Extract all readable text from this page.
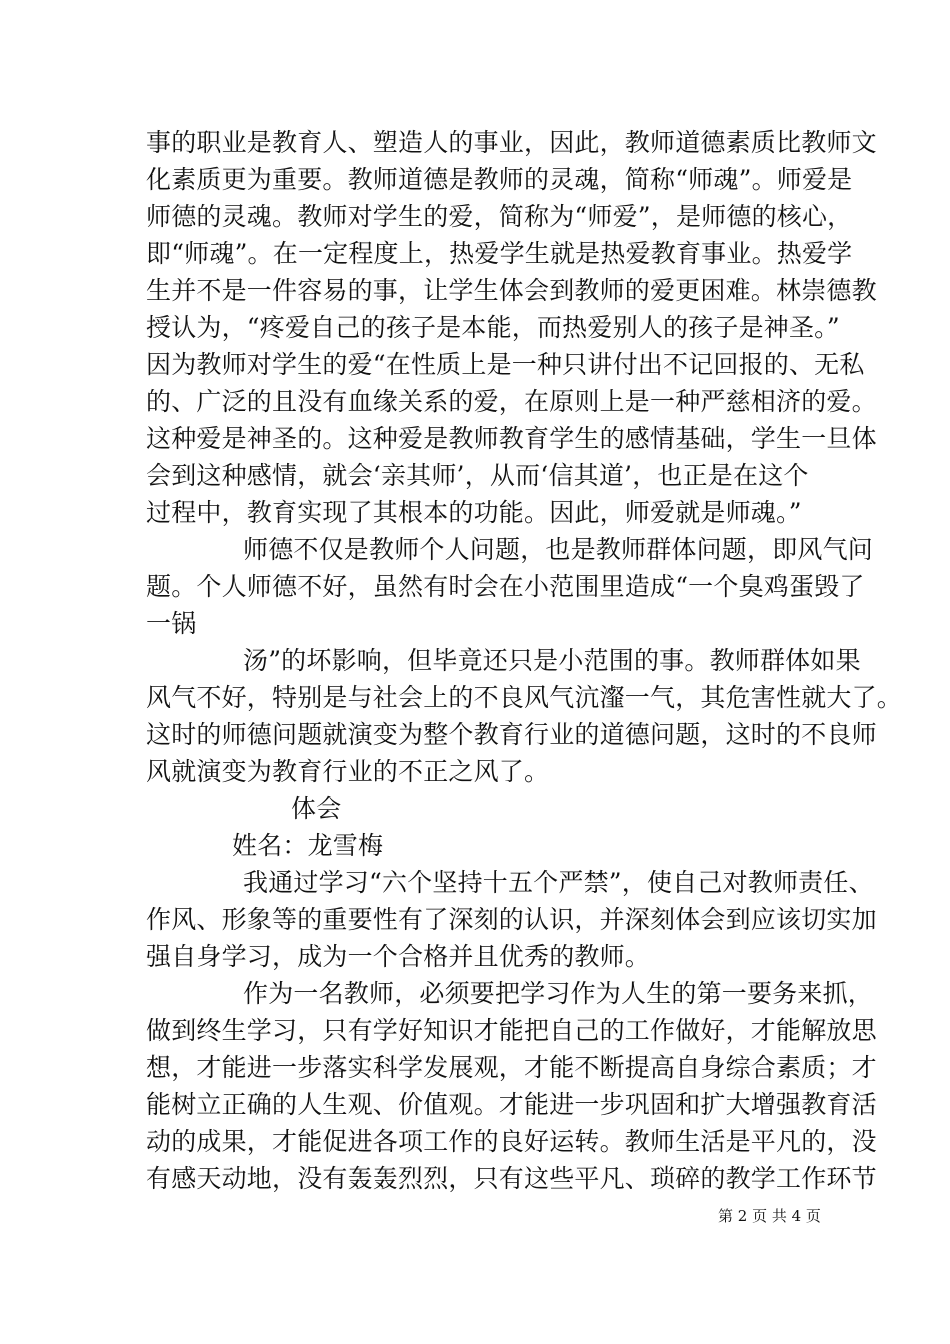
事的职业是教育人、塑造人的事业，因此，教师道德素质比教师文
化素质更为重要。教师道德是教师的灵魂，简称“师魂”。师爱是
师德的灵魂。教师对学生的爱，简称为“师爱”，是师德的核心，
即“师魂”。在一定程度上，热爱学生就是热爱教育事业。热爱学
生并不是一件容易的事，让学生体会到教师的爱更困难。林崇德教
授认为，“疼爱自己的孩子是本能，而热爱别人的孩子是神圣。”
因为教师对学生的爱“在性质上是一种只讲付出不记回报的、无私
的、广泛的且没有血缘关系的爱，在原则上是一种严慈相济的爱。
这种爱是神圣的。这种爱是教师教育学生的感情基础，学生一旦体
会到这种感情，就会‘亲其师’，从而‘信其道’，也正是在这个
过程中，教育实现了其根本的功能。因此，师爱就是师魂。”
师德不仅是教师个人问题，也是教师群体问题，即风气问
题。个人师德不好，虽然有时会在小范围里造成“一个臭鸡蛋毁了
一锅
汤”的坏影响，但毕竟还只是小范围的事。教师群体如果
风气不好，特别是与社会上的不良风气沆瀣一气，其危害性就大了。
这时的师德问题就演变为整个教育行业的道德问题，这时的不良师
风就演变为教育行业的不正之风了。
体会
姓名：龙雪梅
我通过学习“六个坚持十五个严禁”，使自己对教师责任、
作风、形象等的重要性有了深刻的认识，并深刻体会到应该切实加
强自身学习，成为一个合格并且优秀的教师。
作为一名教师，必须要把学习作为人生的第一要务来抓，
做到终生学习，只有学好知识才能把自己的工作做好，才能解放思
想，才能进一步落实科学发展观，才能不断提高自身综合素质；才
能树立正确的人生观、价值观。才能进一步巩固和扩大增强教育活
动的成果，才能促进各项工作的良好运转。教师生活是平凡的，没
有感天动地，没有轰轰烈烈，只有这些平凡、琐碎的教学工作环节
第 2 页 共 4 页
